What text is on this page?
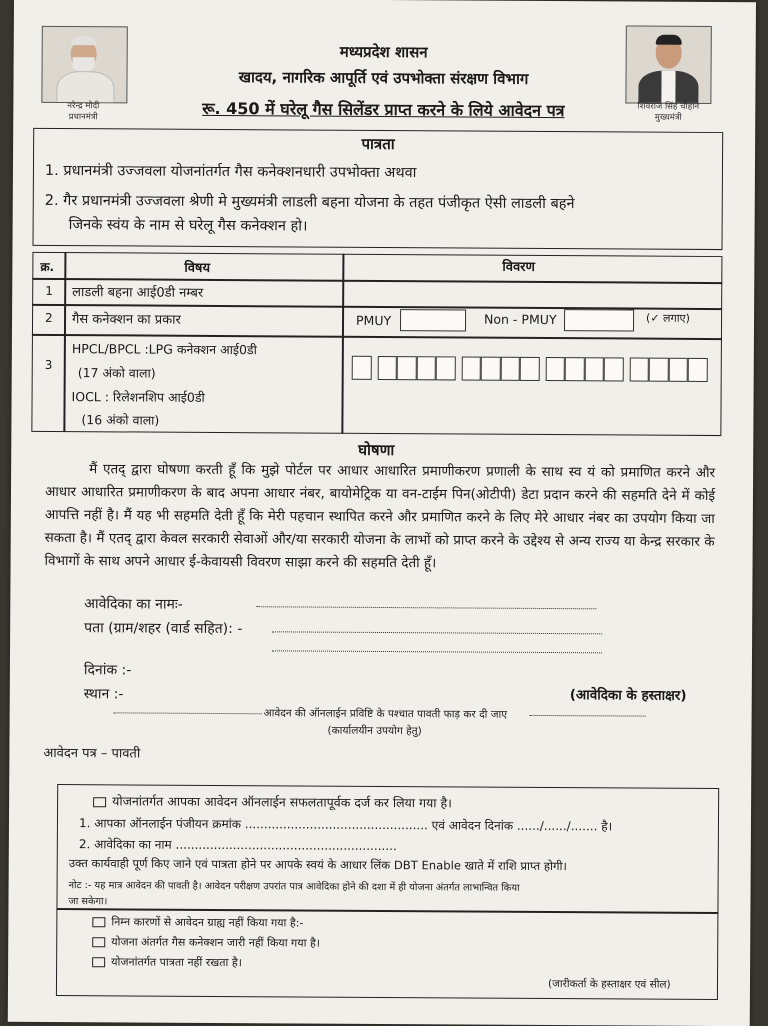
नरेन्द्र मोदी
प्रधानमंत्री
शिवराज सिंह चौहान
मुख्यमंत्री
मध्यप्रदेश शासन
खादय, नागरिक आपूर्ति एवं उपभोक्ता संरक्षण विभाग
रू. 450 में घरेलू गैस सिलेंडर प्राप्त करने के लिये आवेदन पत्र
पात्रता
1. प्रधानमंत्री उज्जवला योजनांतर्गत गैस कनेक्शनधारी उपभोक्ता अथवा
2. गैर प्रधानमंत्री उज्जवला श्रेणी मे मुख्यमंत्री लाडली बहना योजना के तहत पंजीकृत ऐसी लाडली बहने
जिनके स्वंय के नाम से घरेलू गैस कनेक्शन हो।
क्र.	विषय	विवरण
1 लाडली बहना आई0डी नम्बर
2 गैस कनेक्शन का प्रकार	PMUY	Non - PMUY	(✓ लगाए)
3
HPCL/BPCL :LPG कनेक्शन आई0डी
(17 अंको वाला)
IOCL : रिलेशनशिप आई0डी
(16 अंको वाला)
घोषणा
मैं एतद् द्वारा घोषणा करती हूँ कि मुझे पोर्टल पर आधार आधारित प्रमाणीकरण प्रणाली के साथ स्व यं को प्रमाणित करने और आधार आधारित प्रमाणीकरण के बाद अपना आधार नंबर, बायोमेट्रिक या वन-टाईम पिन(ओटीपी) डेटा प्रदान करने की सहमति देने में कोई आपत्ति नहीं है। मैं यह भी सहमति देती हूँ कि मेरी पहचान स्थापित करने और प्रमाणित करने के लिए मेरे आधार नंबर का उपयोग किया जा सकता है। मैं एतद् द्वारा केवल सरकारी सेवाओं और/या सरकारी योजना के लाभों को प्राप्त करने के उद्देश्य से अन्य राज्य या केन्द्र सरकार के विभागों के साथ अपने आधार ई-केवायसी विवरण साझा करने की सहमति देती हूँ।
आवेदिका का नामः-
पता (ग्राम/शहर (वार्ड सहित): -
दिनांक :-
स्थान :-	(आवेदिका के हस्ताक्षर)
आवेदन की ऑनलाईन प्रविष्टि के पश्चात पावती फाड़ कर दी जाए
(कार्यालयीन उपयोग हेतु)
आवेदन पत्र – पावती
योजनांतर्गत आपका आवेदन ऑनलाईन सफलतापूर्वक दर्ज कर लिया गया है।
1. आपका ऑनलाईन पंजीयन क्रमांक ................................................ एवं आवेदन दिनांक ....../....../....... है।
2. आवेदिका का नाम ..........................................................
उक्त कार्यवाही पूर्ण किए जाने एवं पात्रता होने पर आपके स्वयं के आधार लिंक DBT Enable खाते में राशि प्राप्त होगी।
नोट :- यह मात्र आवेदन की पावती है। आवेदन परीक्षण उपरांत पात्र आवेदिका होने की दशा में ही योजना अंतर्गत लाभान्वित किया
जा सकेगा।
निम्न कारणों से आवेदन ग्राह्य नहीं किया गया है:-
योजना अंतर्गत गैस कनेक्शन जारी नहीं किया गया है।
योजनांतर्गत पात्रता नहीं रखता है।
(जारीकर्ता के हस्ताक्षर एवं सील)
